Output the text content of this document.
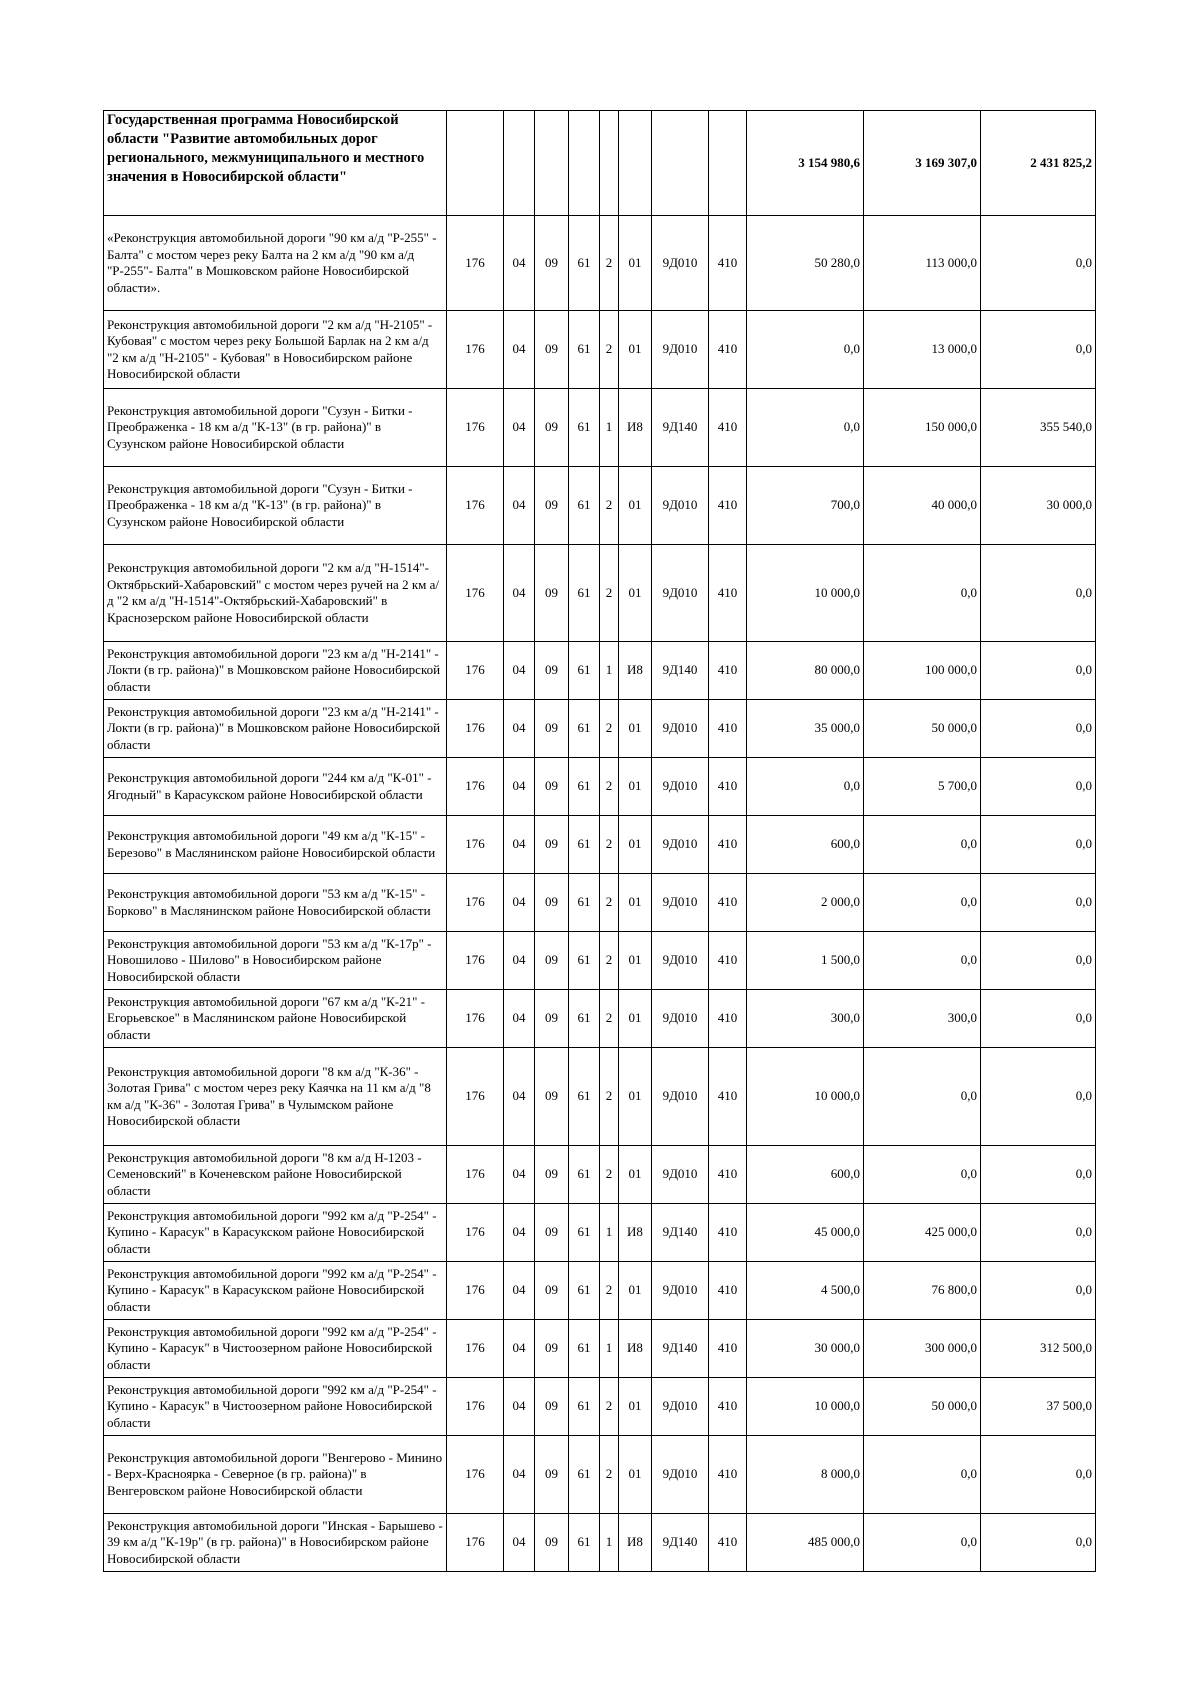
Государственная программа Новосибирской области "Развитие автомобильных дорог регионального, межмуниципального и местного значения в Новосибирской области"									3 154 980,6	3 169 307,0	2 431 825,2
«Реконструкция автомобильной дороги "90 км а/д "Р-255" - Балта" с мостом через реку Балта на 2 км а/д "90 км а/д "Р-255"- Балта" в Мошковском районе Новосибирской области».	176	04	09	61	2	01	9Д010	410	50 280,0	113 000,0	0,0
Реконструкция автомобильной дороги "2 км а/д "Н-2105" - Кубовая" с мостом через реку Большой Барлак на 2 км а/д "2 км а/д "Н-2105" - Кубовая" в Новосибирском районе Новосибирской области	176	04	09	61	2	01	9Д010	410	0,0	13 000,0	0,0
Реконструкция автомобильной дороги "Сузун - Битки - Преображенка - 18 км а/д "К-13" (в гр. района)" в Сузунском районе Новосибирской области	176	04	09	61	1	И8	9Д140	410	0,0	150 000,0	355 540,0
Реконструкция автомобильной дороги "Сузун - Битки - Преображенка - 18 км а/д "К-13" (в гр. района)" в Сузунском районе Новосибирской области	176	04	09	61	2	01	9Д010	410	700,0	40 000,0	30 000,0
Реконструкция автомобильной дороги "2 км а/д "Н-1514"-Октябрьский-Хабаровский" с мостом через ручей на 2 км а/д "2 км а/д "Н-1514"-Октябрьский-Хабаровский" в Краснозерском районе Новосибирской области	176	04	09	61	2	01	9Д010	410	10 000,0	0,0	0,0
Реконструкция автомобильной дороги "23 км а/д "Н-2141" - Локти (в гр. района)" в Мошковском районе Новосибирской области	176	04	09	61	1	И8	9Д140	410	80 000,0	100 000,0	0,0
Реконструкция автомобильной дороги "23 км а/д "Н-2141" - Локти (в гр. района)" в Мошковском районе Новосибирской области	176	04	09	61	2	01	9Д010	410	35 000,0	50 000,0	0,0
Реконструкция автомобильной дороги "244 км а/д "К-01" - Ягодный" в Карасукском районе Новосибирской области	176	04	09	61	2	01	9Д010	410	0,0	5 700,0	0,0
Реконструкция автомобильной дороги "49 км а/д "К-15" - Березово" в Маслянинском районе Новосибирской области	176	04	09	61	2	01	9Д010	410	600,0	0,0	0,0
Реконструкция автомобильной дороги "53 км а/д "К-15" - Борково" в Маслянинском районе Новосибирской области	176	04	09	61	2	01	9Д010	410	2 000,0	0,0	0,0
Реконструкция автомобильной дороги "53 км а/д "К-17р" - Новошилово - Шилово" в Новосибирском районе Новосибирской области	176	04	09	61	2	01	9Д010	410	1 500,0	0,0	0,0
Реконструкция автомобильной дороги "67 км а/д "К-21" - Егорьевское" в Маслянинском районе Новосибирской области	176	04	09	61	2	01	9Д010	410	300,0	300,0	0,0
Реконструкция автомобильной дороги "8 км а/д "К-36" - Золотая Грива" с мостом через реку Каячка на 11 км а/д "8 км а/д "К-36" - Золотая Грива" в Чулымском районе Новосибирской области	176	04	09	61	2	01	9Д010	410	10 000,0	0,0	0,0
Реконструкция автомобильной дороги "8 км а/д Н-1203 - Семеновский" в Коченевском районе Новосибирской области	176	04	09	61	2	01	9Д010	410	600,0	0,0	0,0
Реконструкция автомобильной дороги "992 км а/д "Р-254" - Купино - Карасук" в Карасукском районе Новосибирской области	176	04	09	61	1	И8	9Д140	410	45 000,0	425 000,0	0,0
Реконструкция автомобильной дороги "992 км а/д "Р-254" - Купино - Карасук" в Карасукском районе Новосибирской области	176	04	09	61	2	01	9Д010	410	4 500,0	76 800,0	0,0
Реконструкция автомобильной дороги "992 км а/д "Р-254" - Купино - Карасук" в Чистоозерном районе Новосибирской области	176	04	09	61	1	И8	9Д140	410	30 000,0	300 000,0	312 500,0
Реконструкция автомобильной дороги "992 км а/д "Р-254" - Купино - Карасук" в Чистоозерном районе Новосибирской области	176	04	09	61	2	01	9Д010	410	10 000,0	50 000,0	37 500,0
Реконструкция автомобильной дороги "Венгерово - Минино - Верх-Красноярка - Северное (в гр. района)" в Венгеровском районе Новосибирской области	176	04	09	61	2	01	9Д010	410	8 000,0	0,0	0,0
Реконструкция автомобильной дороги "Инская - Барышево - 39 км а/д "К-19р" (в гр. района)" в Новосибирском районе Новосибирской области	176	04	09	61	1	И8	9Д140	410	485 000,0	0,0	0,0
